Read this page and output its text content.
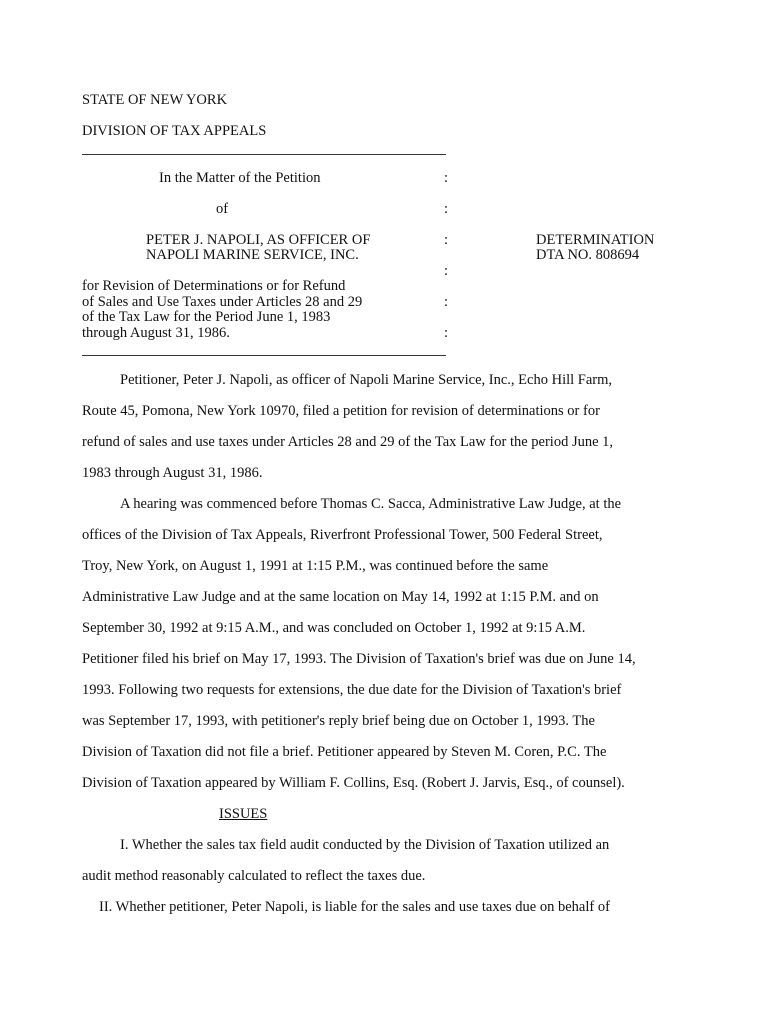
STATE OF NEW YORK
DIVISION OF TAX APPEALS
In the Matter of the Petition
of
PETER J. NAPOLI, AS OFFICER OF
NAPOLI MARINE SERVICE, INC.
for Revision of Determinations or for Refund
of Sales and Use Taxes under Articles 28 and 29
of the Tax Law for the Period June 1, 1983
through August 31, 1986.
:
:
:
:
:
:
DETERMINATION
DTA NO. 808694
Petitioner, Peter J. Napoli, as officer of Napoli Marine Service, Inc., Echo Hill Farm,
Route 45, Pomona, New York 10970, filed a petition for revision of determinations or for
refund of sales and use taxes under Articles 28 and 29 of the Tax Law for the period June 1,
1983 through August 31, 1986.
A hearing was commenced before Thomas C. Sacca, Administrative Law Judge, at the
offices of the Division of Tax Appeals, Riverfront Professional Tower, 500 Federal Street,
Troy, New York, on August 1, 1991 at 1:15 P.M., was continued before the same
Administrative Law Judge and at the same location on May 14, 1992 at 1:15 P.M. and on
September 30, 1992 at 9:15 A.M., and was concluded on October 1, 1992 at 9:15 A.M.
Petitioner filed his brief on May 17, 1993. The Division of Taxation's brief was due on June 14,
1993. Following two requests for extensions, the due date for the Division of Taxation's brief
was September 17, 1993, with petitioner's reply brief being due on October 1, 1993. The
Division of Taxation did not file a brief. Petitioner appeared by Steven M. Coren, P.C. The
Division of Taxation appeared by William F. Collins, Esq. (Robert J. Jarvis, Esq., of counsel).
ISSUES
I. Whether the sales tax field audit conducted by the Division of Taxation utilized an
audit method reasonably calculated to reflect the taxes due.
II. Whether petitioner, Peter Napoli, is liable for the sales and use taxes due on behalf of
